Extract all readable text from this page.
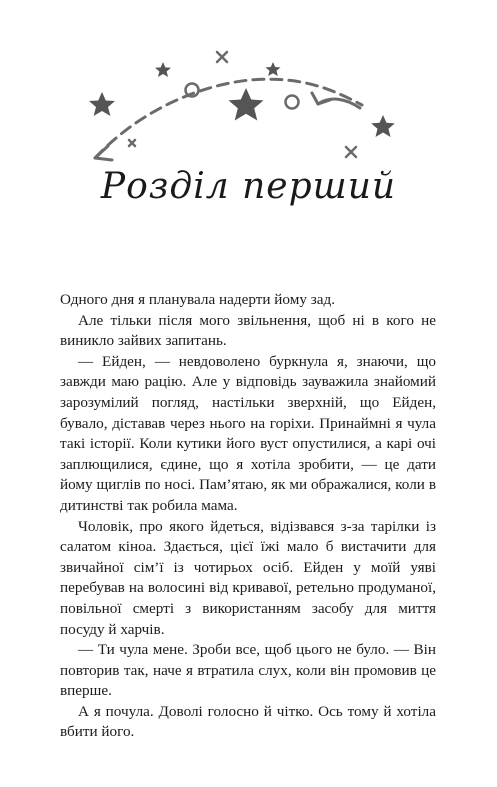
Розділ перший

Одного дня я планувала надерти йому зад.

Але тільки після мого звільнення, щоб ні в кого не виникло зайвих запитань.

— Ейден, — невдоволено буркнула я, знаючи, що завжди маю рацію. Але у відповідь зауважила знайомий зарозумілий погляд, настільки зверхній, що Ейден, бувало, діставав через нього на горіхи. Принаймні я чула такі історії. Коли кутики його вуст опустилися, а карі очі заплющилися, єдине, що я хотіла зробити, — це дати йому щиглів по носі. Пам’ятаю, як ми ображалися, коли в дитинстві так робила мама.

Чоловік, про якого йдеться, відізвався з-за тарілки із салатом кіноа. Здається, цієї їжі мало б вистачити для звичайної сім’ї із чотирьох осіб. Ейден у моїй уяві перебував на волосині від кривавої, ретельно продуманої, повільної смерті з використанням засобу для миття посуду й харчів.

— Ти чула мене. Зроби все, щоб цього не було. — Він повторив так, наче я втратила слух, коли він промовив це вперше.

А я почула. Доволі голосно й чітко. Ось тому й хотіла вбити його.
